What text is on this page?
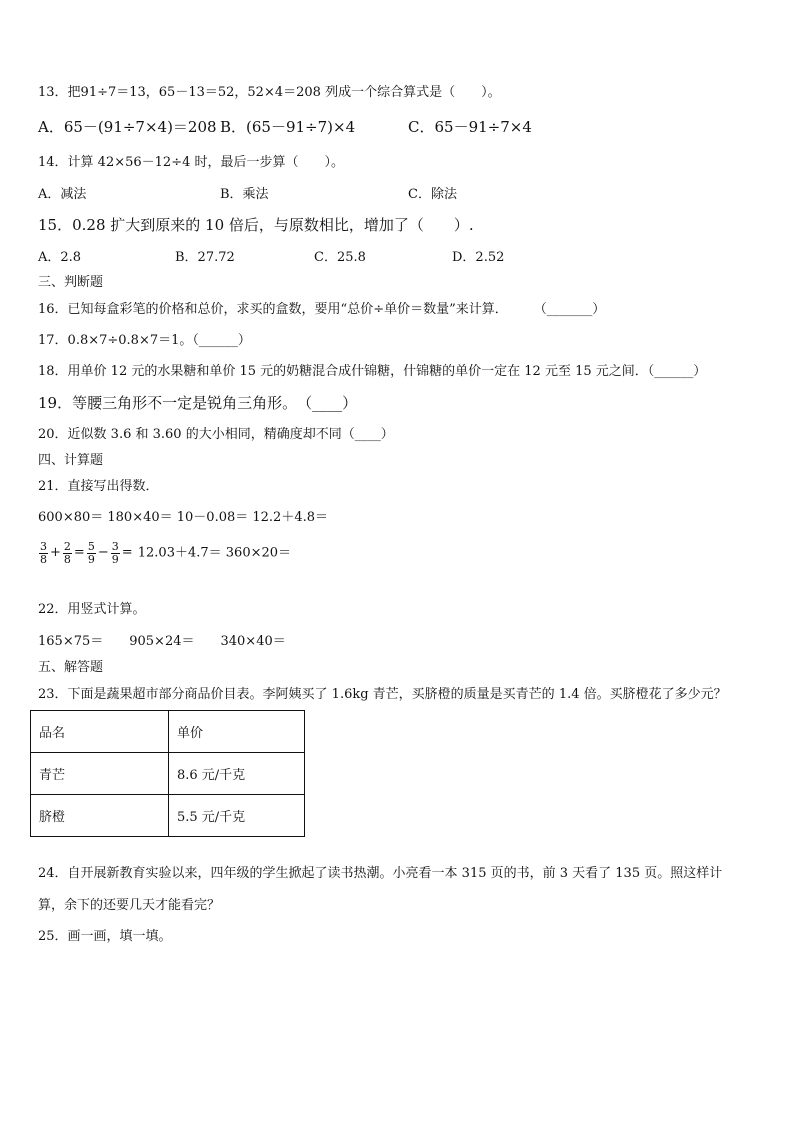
13．把91÷7＝13，65－13＝52，52×4＝208 列成一个综合算式是（　　）。
A．65－(91÷7×4)＝208 B．(65－91÷7)×4	C．65－91÷7×4
14．计算 42×56－12÷4 时，最后一步算（　　）。
A．减法	B．乘法	C．除法
15．0.28 扩大到原来的 10 倍后，与原数相比，增加了（　　）.
A．2.8	B．27.72	C．25.8	D．2.52
三、判断题
16．已知每盒彩笔的价格和总价，求买的盒数，要用“总价÷单价＝数量”来计算．　　　（_______）
17．0.8×7÷0.8×7＝1。（______）
18．用单价 12 元的水果糖和单价 15 元的奶糖混合成什锦糖，什锦糖的单价一定在 12 元至 15 元之间．（______）
19．等腰三角形不一定是锐角三角形。　（____）
20．近似数 3.6 和 3.60 的大小相同，精确度却不同（____）
四、计算题
21．直接写出得数．
600×80＝ 180×40＝ 10－0.08＝ 12.2＋4.8＝
$\frac{3}{8} + \frac{2}{8} = \frac{5}{9} - \frac{3}{9} = 12.03+4.7= 360\times 20=$
22．用竖式计算。
165×75＝　　905×24＝　　340×40＝
五、解答题
23．下面是蔬果超市部分商品价目表。李阿姨买了 1.6kg 青芒，买脐橙的质量是买青芒的 1.4 倍。买脐橙花了多少元？
品名	单价
青芒	8.6 元/千克
脐橙	5.5 元/千克
24．自开展新教育实验以来，四年级的学生掀起了读书热潮。小亮看一本 315 页的书，前 3 天看了 135 页。照这样计
算，余下的还要几天才能看完？
25．画一画，填一填。
